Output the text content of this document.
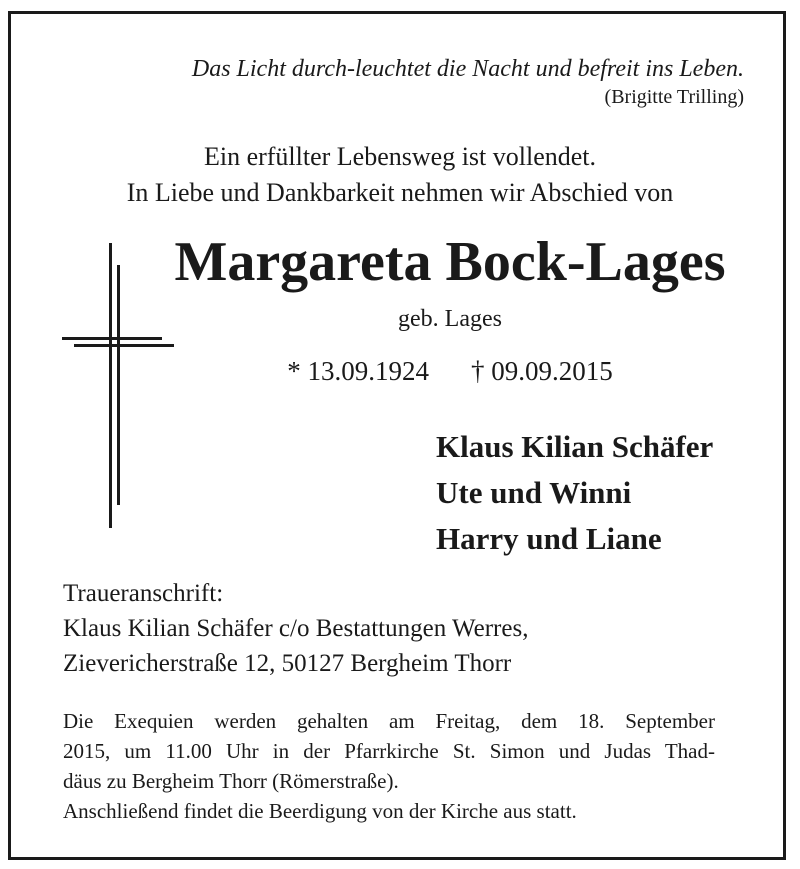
Das Licht durch-leuchtet die Nacht und befreit ins Leben.
(Brigitte Trilling)
Ein erfüllter Lebensweg ist vollendet.
In Liebe und Dankbarkeit nehmen wir Abschied von
Margareta Bock-Lages
geb. Lages
* 13.09.1924 † 09.09.2015
Klaus Kilian Schäfer
Ute und Winni
Harry und Liane
Traueranschrift:
Klaus Kilian Schäfer c/o Bestattungen Werres,
Zievericherstraße 12, 50127 Bergheim Thorr
Die Exequien werden gehalten am Freitag, dem 18. September
2015, um 11.00 Uhr in der Pfarrkirche St. Simon und Judas Thad-
däus zu Bergheim Thorr (Römerstraße).
Anschließend findet die Beerdigung von der Kirche aus statt.
